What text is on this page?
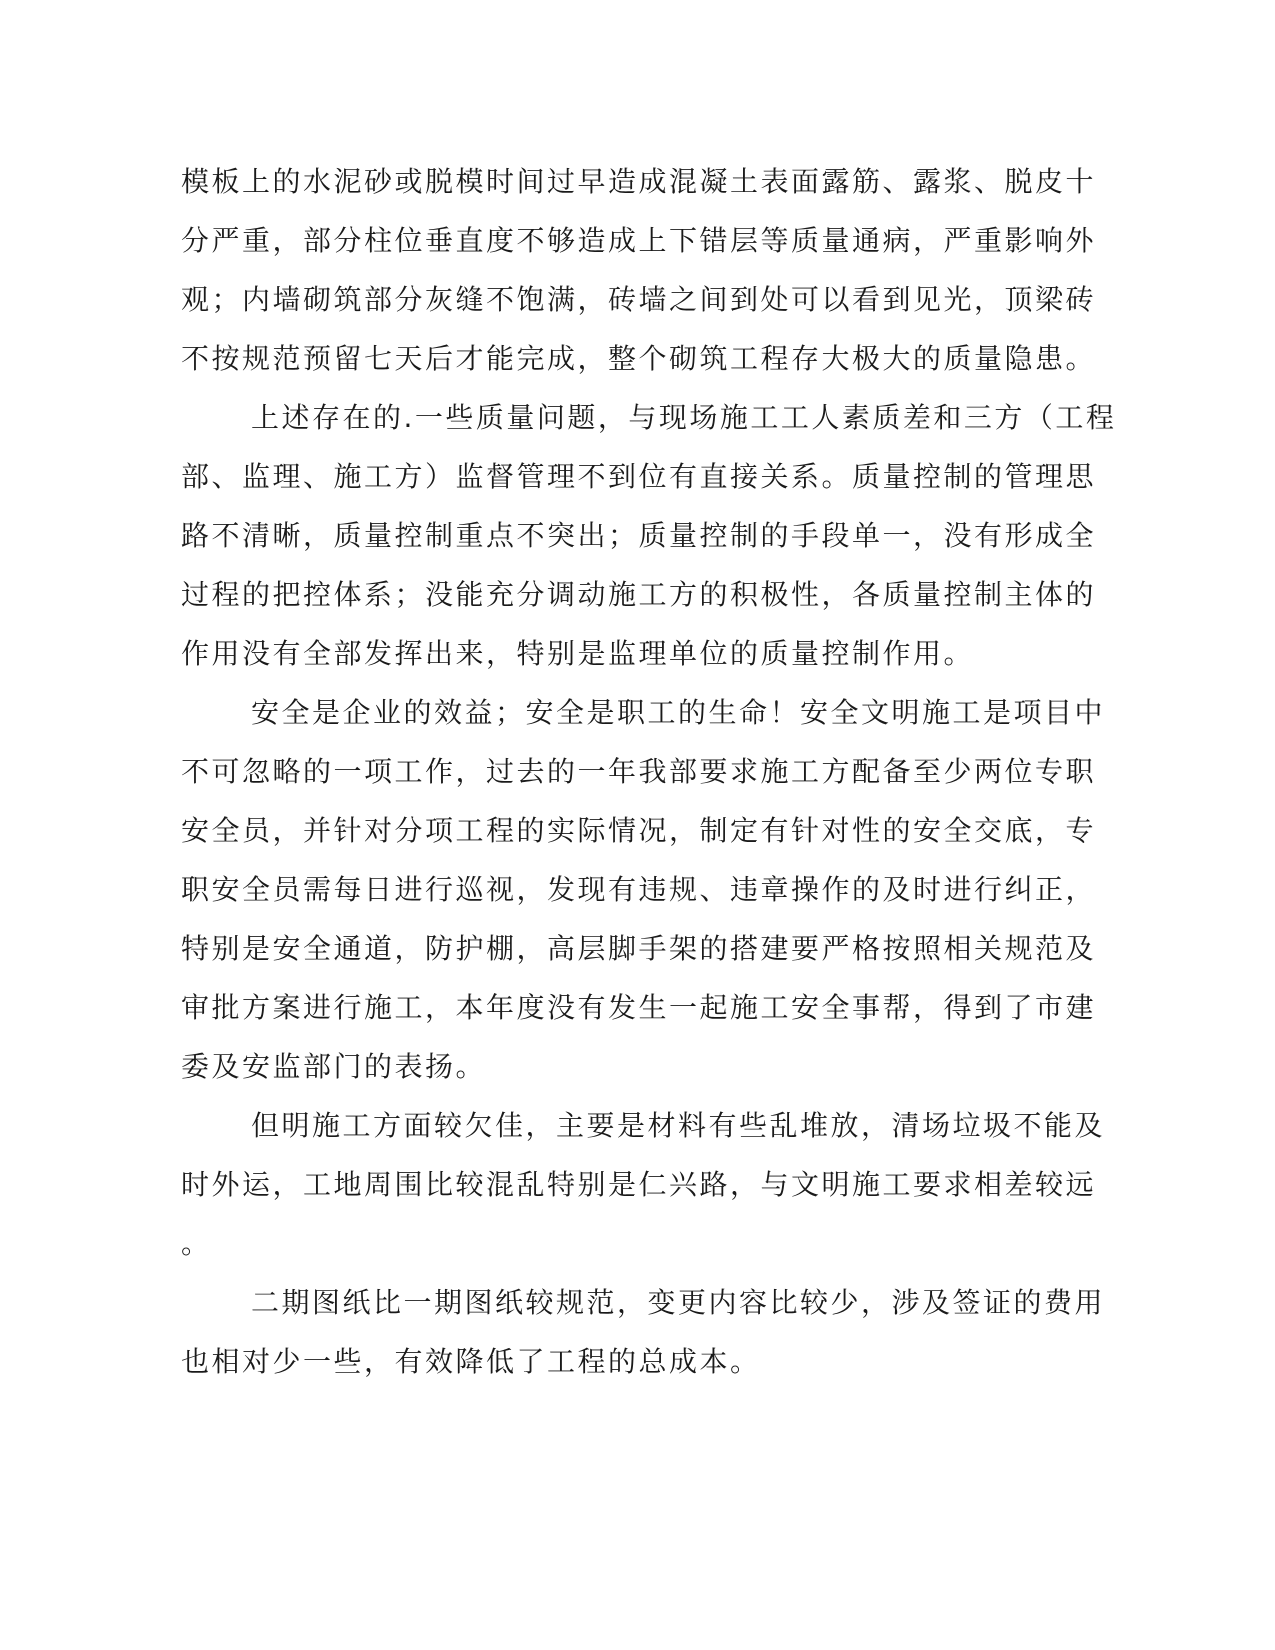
模板上的水泥砂或脱模时间过早造成混凝土表面露筋、露浆、脱皮十
分严重，部分柱位垂直度不够造成上下错层等质量通病，严重影响外
观；内墙砌筑部分灰缝不饱满，砖墙之间到处可以看到见光，顶梁砖
不按规范预留七天后才能完成，整个砌筑工程存大极大的质量隐患。
上述存在的.一些质量问题，与现场施工工人素质差和三方（工程
部、监理、施工方）监督管理不到位有直接关系。质量控制的管理思
路不清晰，质量控制重点不突出；质量控制的手段单一，没有形成全
过程的把控体系；没能充分调动施工方的积极性，各质量控制主体的
作用没有全部发挥出来，特别是监理单位的质量控制作用。
安全是企业的效益；安全是职工的生命！安全文明施工是项目中
不可忽略的一项工作，过去的一年我部要求施工方配备至少两位专职
安全员，并针对分项工程的实际情况，制定有针对性的安全交底，专
职安全员需每日进行巡视，发现有违规、违章操作的及时进行纠正，
特别是安全通道，防护棚，高层脚手架的搭建要严格按照相关规范及
审批方案进行施工，本年度没有发生一起施工安全事帮，得到了市建
委及安监部门的表扬。
但明施工方面较欠佳，主要是材料有些乱堆放，清场垃圾不能及
时外运，工地周围比较混乱特别是仁兴路，与文明施工要求相差较远
。
二期图纸比一期图纸较规范，变更内容比较少，涉及签证的费用
也相对少一些，有效降低了工程的总成本。
